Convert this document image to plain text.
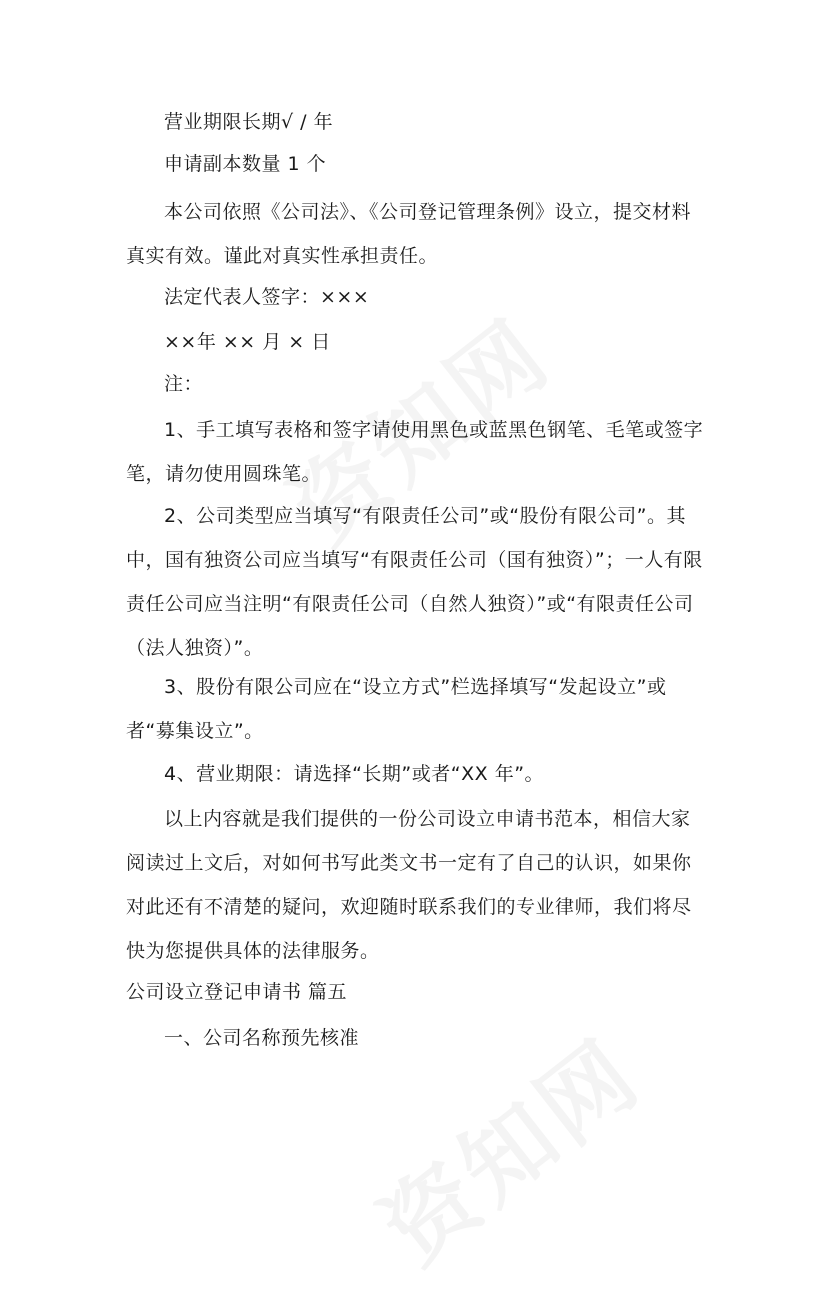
营业期限长期√ / 年

申请副本数量 1 个

本公司依照《公司法》、《公司登记管理条例》设立，提交材料真实有效。谨此对真实性承担责任。

法定代表人签字：×××

××年 ×× 月 × 日

注：

1、手工填写表格和签字请使用黑色或蓝黑色钢笔、毛笔或签字笔，请勿使用圆珠笔。

2、公司类型应当填写“有限责任公司”或“股份有限公司”。其中，国有独资公司应当填写“有限责任公司（国有独资）”；一人有限责任公司应当注明“有限责任公司（自然人独资）”或“有限责任公司（法人独资）”。

3、股份有限公司应在“设立方式”栏选择填写“发起设立”或者“募集设立”。

4、营业期限：请选择“长期”或者“XX 年”。

以上内容就是我们提供的一份公司设立申请书范本，相信大家阅读过上文后，对如何书写此类文书一定有了自己的认识，如果你对此还有不清楚的疑问，欢迎随时联系我们的专业律师，我们将尽快为您提供具体的法律服务。

公司设立登记申请书 篇五

一、公司名称预先核准
